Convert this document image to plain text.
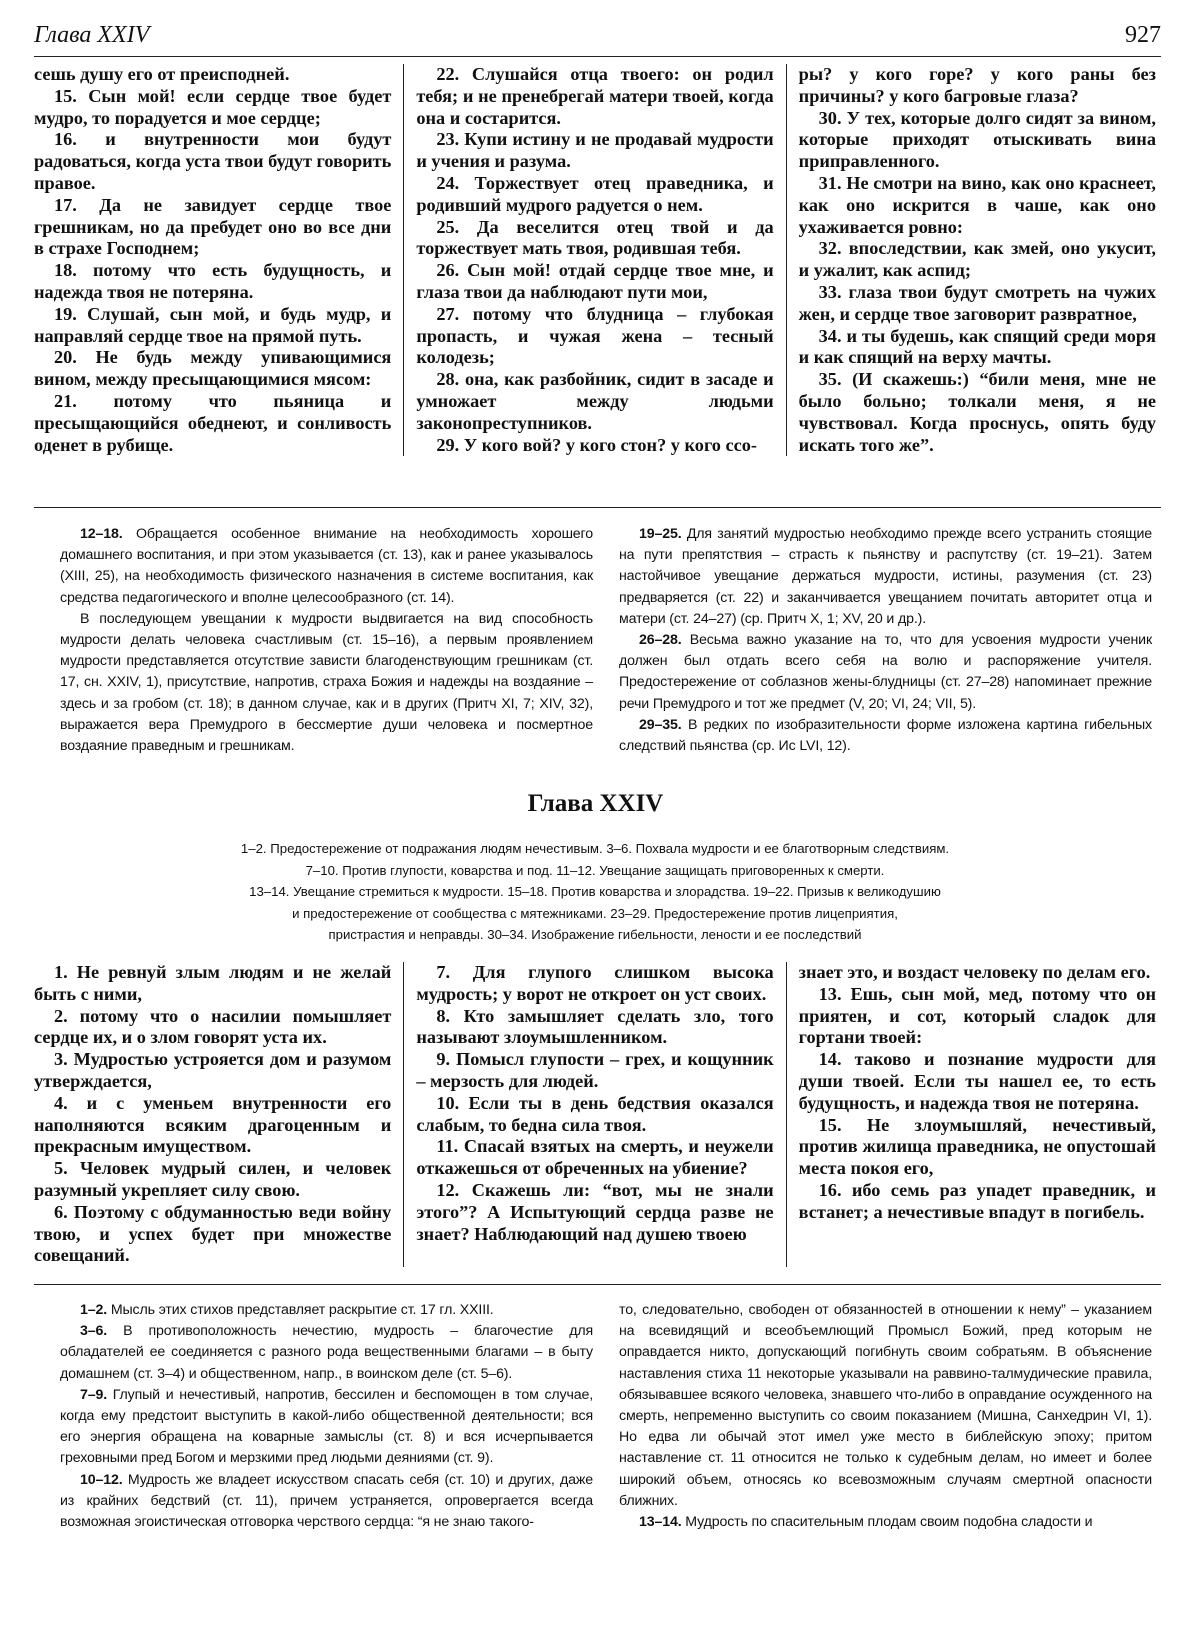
Глава XXIV	927

сешь душу его от преисподней.

15. Сын мой! если сердце твое будет мудро, то порадуется и мое сердце;

16. и внутренности мои будут радоваться, когда уста твои будут говорить правое.

17. Да не завидует сердце твое грешникам, но да пребудет оно во все дни в страхе Господнем;

18. потому что есть будущность, и надежда твоя не потеряна.

19. Слушай, сын мой, и будь мудр, и направляй сердце твое на прямой путь.

20. Не будь между упивающимися вином, между пресыщающимися мясом:

21. потому что пьяница и пресыщающийся обеднеют, и сонливость оденет в рубище.

22. Слушайся отца твоего: он родил тебя; и не пренебрегай матери твоей, когда она и состарится.

23. Купи истину и не продавай мудрости и учения и разума.

24. Торжествует отец праведника, и родивший мудрого радуется о нем.

25. Да веселится отец твой и да торжествует мать твоя, родившая тебя.

26. Сын мой! отдай сердце твое мне, и глаза твои да наблюдают пути мои,

27. потому что блудница – глубокая пропасть, и чужая жена – тесный колодезь;

28. она, как разбойник, сидит в засаде и умножает между людьми законопреступников.

29. У кого вой? у кого стон? у кого ссо-

ры? у кого горе? у кого раны без причины? у кого багровые глаза?

30. У тех, которые долго сидят за вином, которые приходят отыскивать вина приправленного.

31. Не смотри на вино, как оно краснеет, как оно искрится в чаше, как оно ухаживается ровно:

32. впоследствии, как змей, оно укусит, и ужалит, как аспид;

33. глаза твои будут смотреть на чужих жен, и сердце твое заговорит развратное,

34. и ты будешь, как спящий среди моря и как спящий на верху мачты.

35. (И скажешь:) “били меня, мне не было больно; толкали меня, я не чувствовал. Когда проснусь, опять буду искать того же”.

12–18. Обращается особенное внимание на необходимость хорошего домашнего воспитания, и при этом указывается (ст. 13), как и ранее указывалось (XIII, 25), на необходимость физического назначения в системе воспитания, как средства педагогического и вполне целесообразного (ст. 14).

В последующем увещании к мудрости выдвигается на вид способность мудрости делать человека счастливым (ст. 15–16), а первым проявлением мудрости представляется отсутствие зависти благоденствующим грешникам (ст. 17, сн. XXIV, 1), присутствие, напротив, страха Божия и надежды на воздаяние – здесь и за гробом (ст. 18); в данном случае, как и в других (Притч XI, 7; XIV, 32), выражается вера Премудрого в бессмертие души человека и посмертное воздаяние праведным и грешникам.

19–25. Для занятий мудростью необходимо прежде всего устранить стоящие на пути препятствия – страсть к пьянству и распутству (ст. 19–21). Затем настойчивое увещание держаться мудрости, истины, разумения (ст. 23) предваряется (ст. 22) и заканчивается увещанием почитать авторитет отца и матери (ст. 24–27) (ср. Притч X, 1; XV, 20 и др.).

26–28. Весьма важно указание на то, что для усвоения мудрости ученик должен был отдать всего себя на волю и распоряжение учителя. Предостережение от соблазнов жены-блудницы (ст. 27–28) напоминает прежние речи Премудрого и тот же предмет (V, 20; VI, 24; VII, 5).

29–35. В редких по изобразительности форме изложена картина гибельных следствий пьянства (ср. Ис LVI, 12).

Глава XXIV
1–2. Предостережение от подражания людям нечестивым. 3–6. Похвала мудрости и ее благотворным следствиям.
7–10. Против глупости, коварства и под. 11–12. Увещание защищать приговоренных к смерти.
13–14. Увещание стремиться к мудрости. 15–18. Против коварства и злорадства. 19–22. Призыв к великодушию
и предостережение от сообщества с мятежниками. 23–29. Предостережение против лицеприятия,
пристрастия и неправды. 30–34. Изображение гибельности, лености и ее последствий

1. Не ревнуй злым людям и не желай быть с ними,

2. потому что о насилии помышляет сердце их, и о злом говорят уста их.

3. Мудростью устрояется дом и разумом утверждается,

4. и с уменьем внутренности его наполняются всяким драгоценным и прекрасным имуществом.

5. Человек мудрый силен, и человек разумный укрепляет силу свою.

6. Поэтому с обдуманностью веди войну твою, и успех будет при множестве совещаний.

7. Для глупого слишком высока мудрость; у ворот не откроет он уст своих.

8. Кто замышляет сделать зло, того называют злоумышленником.

9. Помысл глупости – грех, и кощунник – мерзость для людей.

10. Если ты в день бедствия оказался слабым, то бедна сила твоя.

11. Спасай взятых на смерть, и неужели откажешься от обреченных на убиение?

12. Скажешь ли: “вот, мы не знали этого”? А Испытующий сердца разве не знает? Наблюдающий над душею твоею

знает это, и воздаст человеку по делам его.

13. Ешь, сын мой, мед, потому что он приятен, и сот, который сладок для гортани твоей:

14. таково и познание мудрости для души твоей. Если ты нашел ее, то есть будущность, и надежда твоя не потеряна.

15. Не злоумышляй, нечестивый, против жилища праведника, не опустошай места покоя его,

16. ибо семь раз упадет праведник, и встанет; а нечестивые впадут в погибель.

1–2. Мысль этих стихов представляет раскрытие ст. 17 гл. XXIII.

3–6. В противоположность нечестию, мудрость – благочестие для обладателей ее соединяется с разного рода вещественными благами – в быту домашнем (ст. 3–4) и общественном, напр., в воинском деле (ст. 5–6).

7–9. Глупый и нечестивый, напротив, бессилен и беспомощен в том случае, когда ему предстоит выступить в какой-либо общественной деятельности; вся его энергия обращена на коварные замыслы (ст. 8) и вся исчерпывается греховными пред Богом и мерзкими пред людьми деяниями (ст. 9).

10–12. Мудрость же владеет искусством спасать себя (ст. 10) и других, даже из крайних бедствий (ст. 11), причем устраняется, опровергается всегда возможная эгоистическая отговорка черствого сердца: “я не знаю такого-

то, следовательно, свободен от обязанностей в отношении к нему” – указанием на всевидящий и всеобъемлющий Промысл Божий, пред которым не оправдается никто, допускающий погибнуть своим собратьям. В объяснение наставления стиха 11 некоторые указывали на раввино-талмудические правила, обязывавшее всякого человека, знавшего что-либо в оправдание осужденного на смерть, непременно выступить со своим показанием (Мишна, Санхедрин VI, 1). Но едва ли обычай этот имел уже место в библейскую эпоху; притом наставление ст. 11 относится не только к судебным делам, но имеет и более широкий объем, относясь ко всевозможным случаям смертной опасности ближних.

13–14. Мудрость по спасительным плодам своим подобна сладости и
